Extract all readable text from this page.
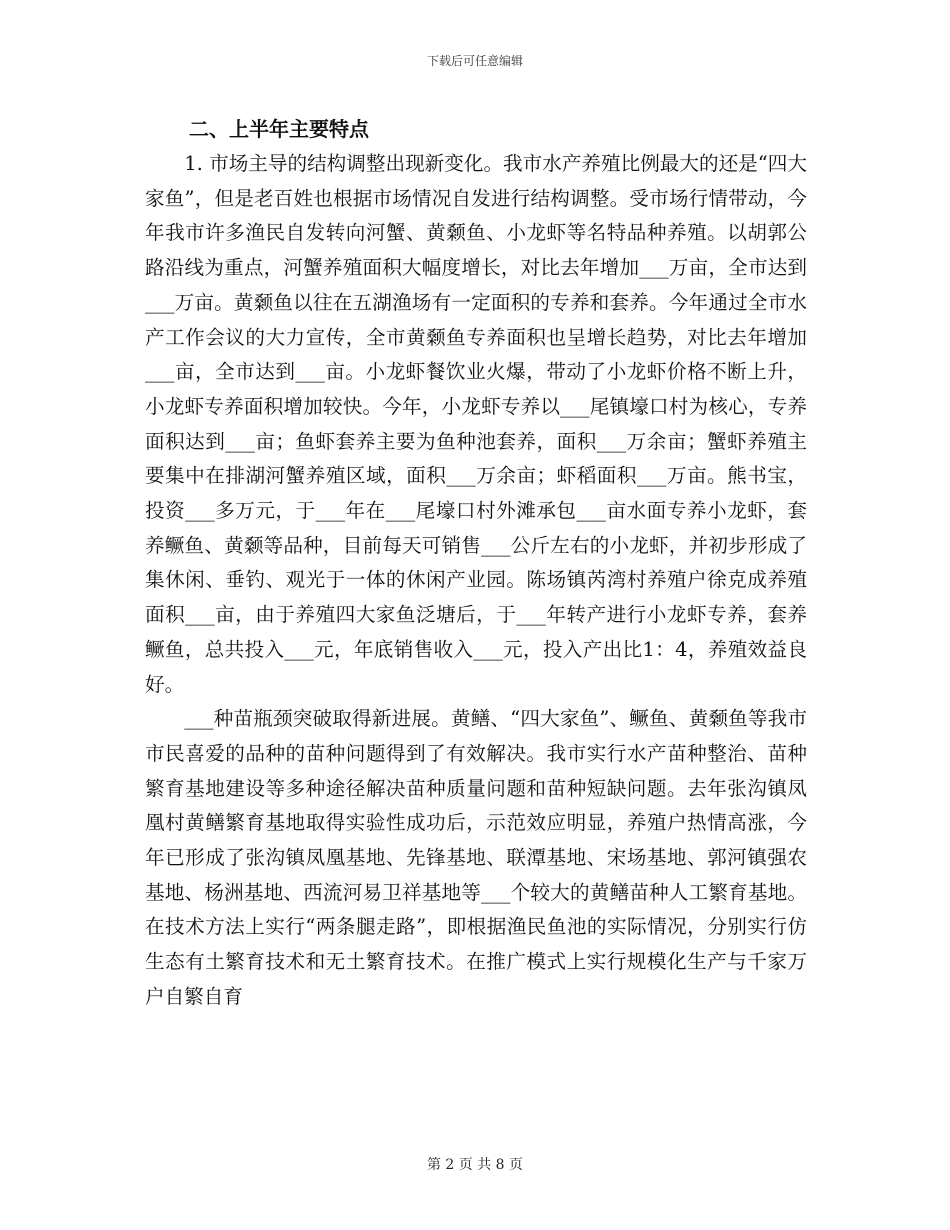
下载后可任意编辑
二、上半年主要特点

1. 市场主导的结构调整出现新变化。我市水产养殖比例最大的还是“四大家鱼”，但是老百姓也根据市场情况自发进行结构调整。受市场行情带动，今年我市许多渔民自发转向河蟹、黄颡鱼、小龙虾等名特品种养殖。以胡郭公路沿线为重点，河蟹养殖面积大幅度增长，对比去年增加___万亩，全市达到___万亩。黄颡鱼以往在五湖渔场有一定面积的专养和套养。今年通过全市水产工作会议的大力宣传，全市黄颡鱼专养面积也呈增长趋势，对比去年增加___亩，全市达到___亩。小龙虾餐饮业火爆，带动了小龙虾价格不断上升，小龙虾专养面积增加较快。今年，小龙虾专养以___尾镇壕口村为核心，专养面积达到___亩；鱼虾套养主要为鱼种池套养，面积___万余亩；蟹虾养殖主要集中在排湖河蟹养殖区域，面积___万余亩；虾稻面积___万亩。熊书宝，投资___多万元，于___年在___尾壕口村外滩承包___亩水面专养小龙虾，套养鳜鱼、黄颡等品种，目前每天可销售___公斤左右的小龙虾，并初步形成了集休闲、垂钓、观光于一体的休闲产业园。陈场镇芮湾村养殖户徐克成养殖面积___亩，由于养殖四大家鱼泛塘后，于___年转产进行小龙虾专养，套养鳜鱼，总共投入___元，年底销售收入___元，投入产出比1：4，养殖效益良好。

___种苗瓶颈突破取得新进展。黄鳝、“四大家鱼”、鳜鱼、黄颡鱼等我市市民喜爱的品种的苗种问题得到了有效解决。我市实行水产苗种整治、苗种繁育基地建设等多种途径解决苗种质量问题和苗种短缺问题。去年张沟镇凤凰村黄鳝繁育基地取得实验性成功后，示范效应明显，养殖户热情高涨，今年已形成了张沟镇凤凰基地、先锋基地、联潭基地、宋场基地、郭河镇强农基地、杨洲基地、西流河易卫祥基地等___个较大的黄鳝苗种人工繁育基地。在技术方法上实行“两条腿走路”，即根据渔民鱼池的实际情况，分别实行仿生态有土繁育技术和无土繁育技术。在推广模式上实行规模化生产与千家万户自繁自育

第 2 页 共 8 页
